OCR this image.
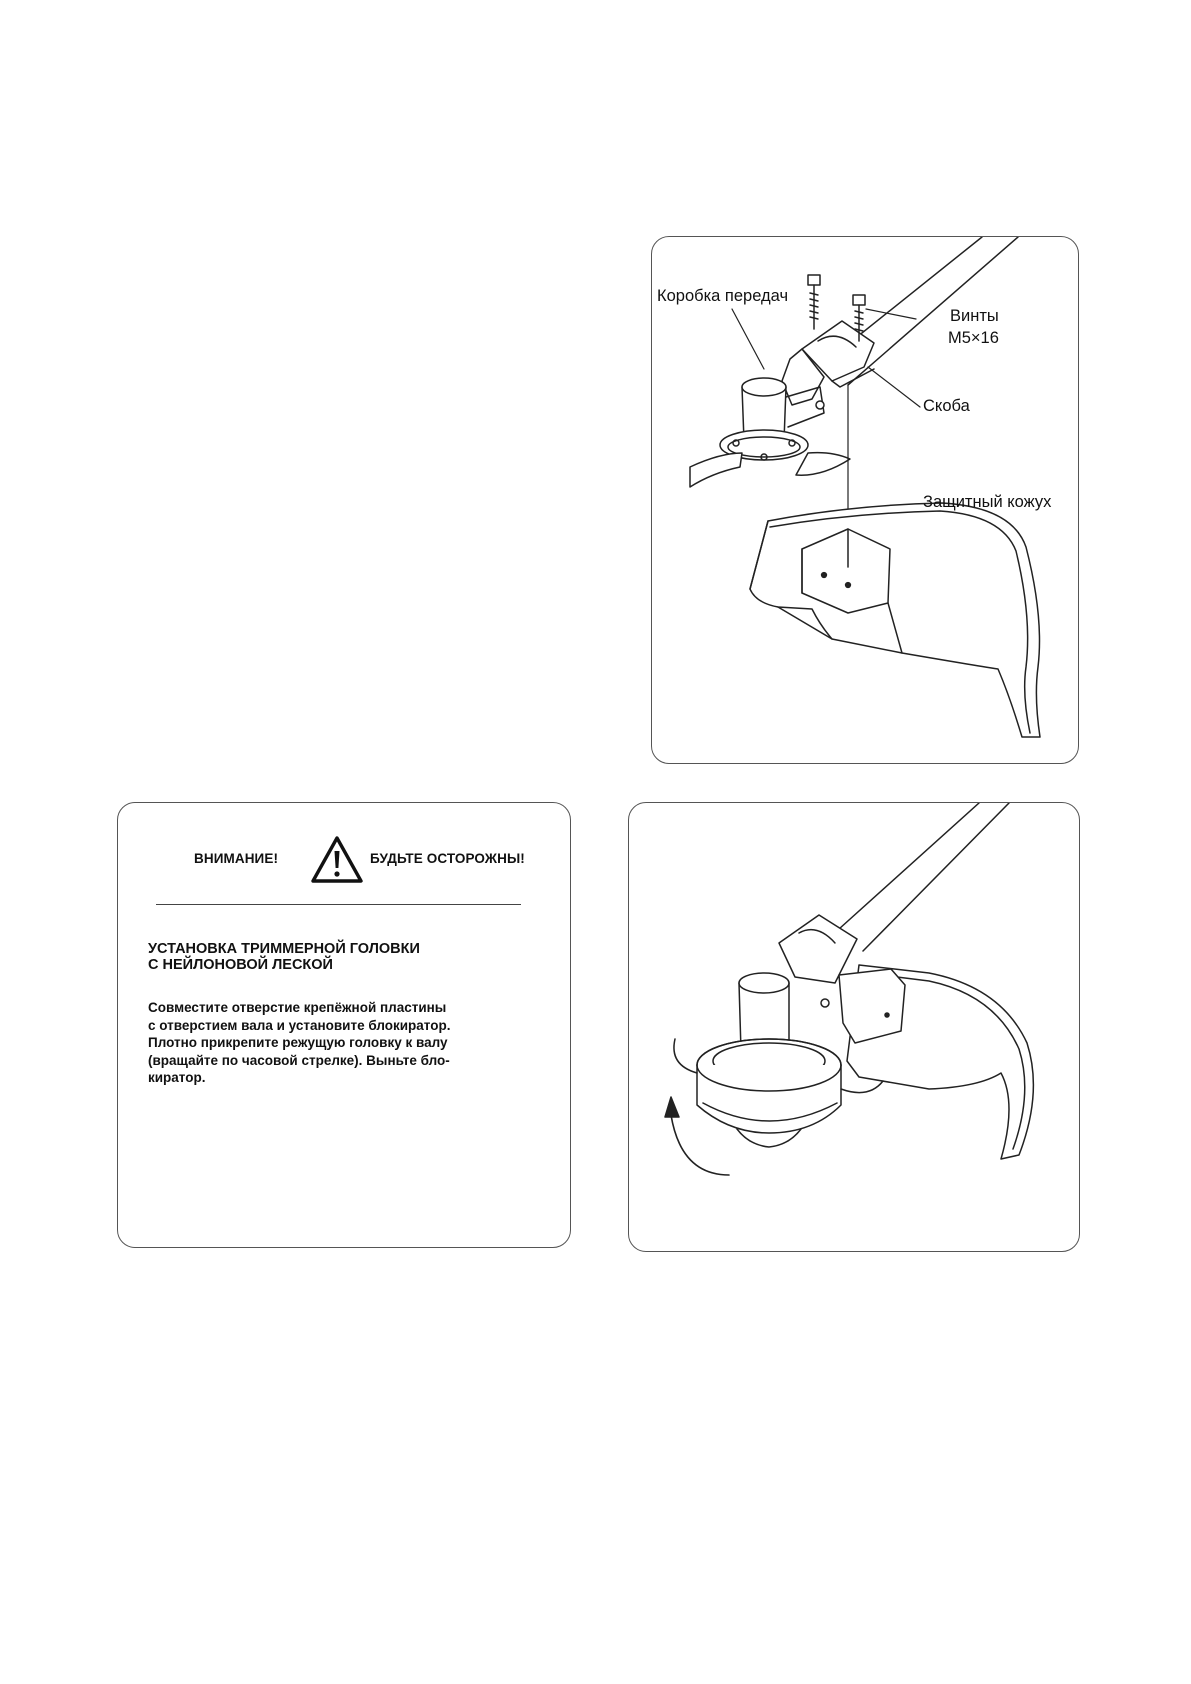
Коробка передач
Винты
M5×16
Скоба
Защитный кожух
ВНИМАНИЕ!	БУДЬТЕ ОСТОРОЖНЫ!
УСТАНОВКА ТРИММЕРНОЙ ГОЛОВКИ
С НЕЙЛОНОВОЙ ЛЕСКОЙ
Совместите отверстие крепёжной пластины
с отверстием вала и установите блокиратор.
Плотно прикрепите режущую головку к валу
(вращайте по часовой стрелке). Выньте бло-
киратор.
